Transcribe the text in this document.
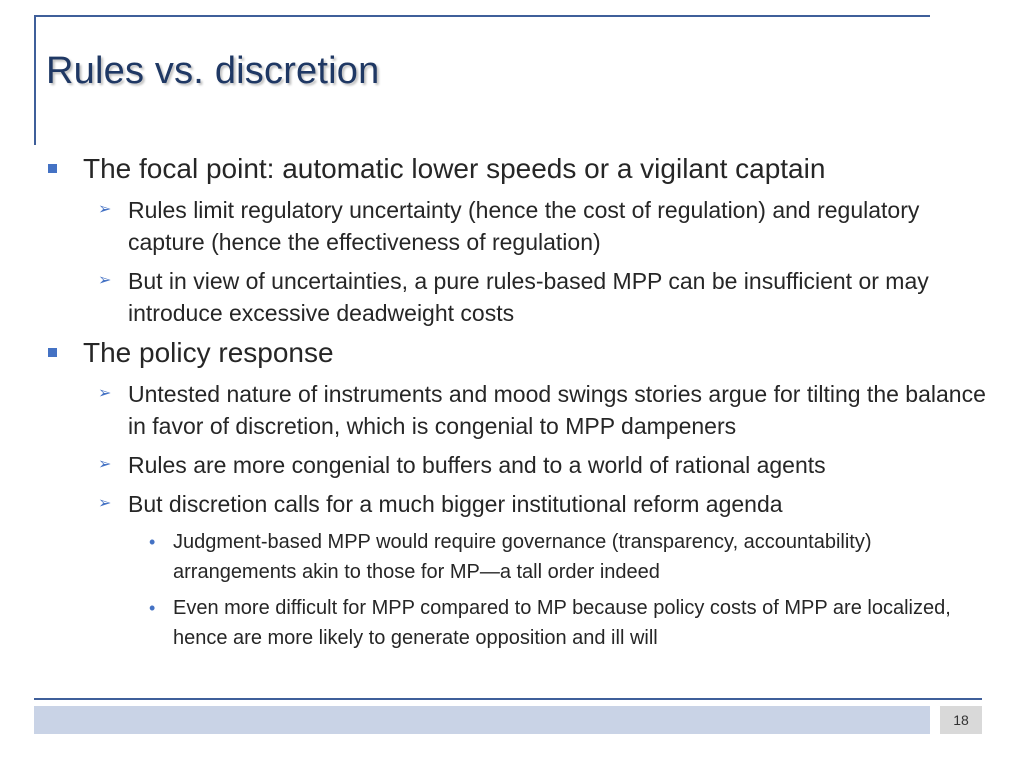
Rules vs. discretion
The focal point: automatic lower speeds or a vigilant captain
➢ Rules limit regulatory uncertainty (hence the cost of regulation) and regulatory capture (hence the effectiveness of regulation)
➢ But in view of uncertainties, a pure rules-based MPP can be insufficient or may introduce excessive deadweight costs
The policy response
➢ Untested nature of instruments and mood swings stories argue for tilting the balance in favor of discretion, which is congenial to MPP dampeners
➢ Rules are more congenial to buffers and to a world of rational agents
➢ But discretion calls for a much bigger institutional reform agenda
• Judgment-based MPP would require governance (transparency, accountability) arrangements akin to those for MP—a tall order indeed
• Even more difficult for MPP compared to MP because policy costs of MPP are localized, hence are more likely to generate opposition and ill will
18
